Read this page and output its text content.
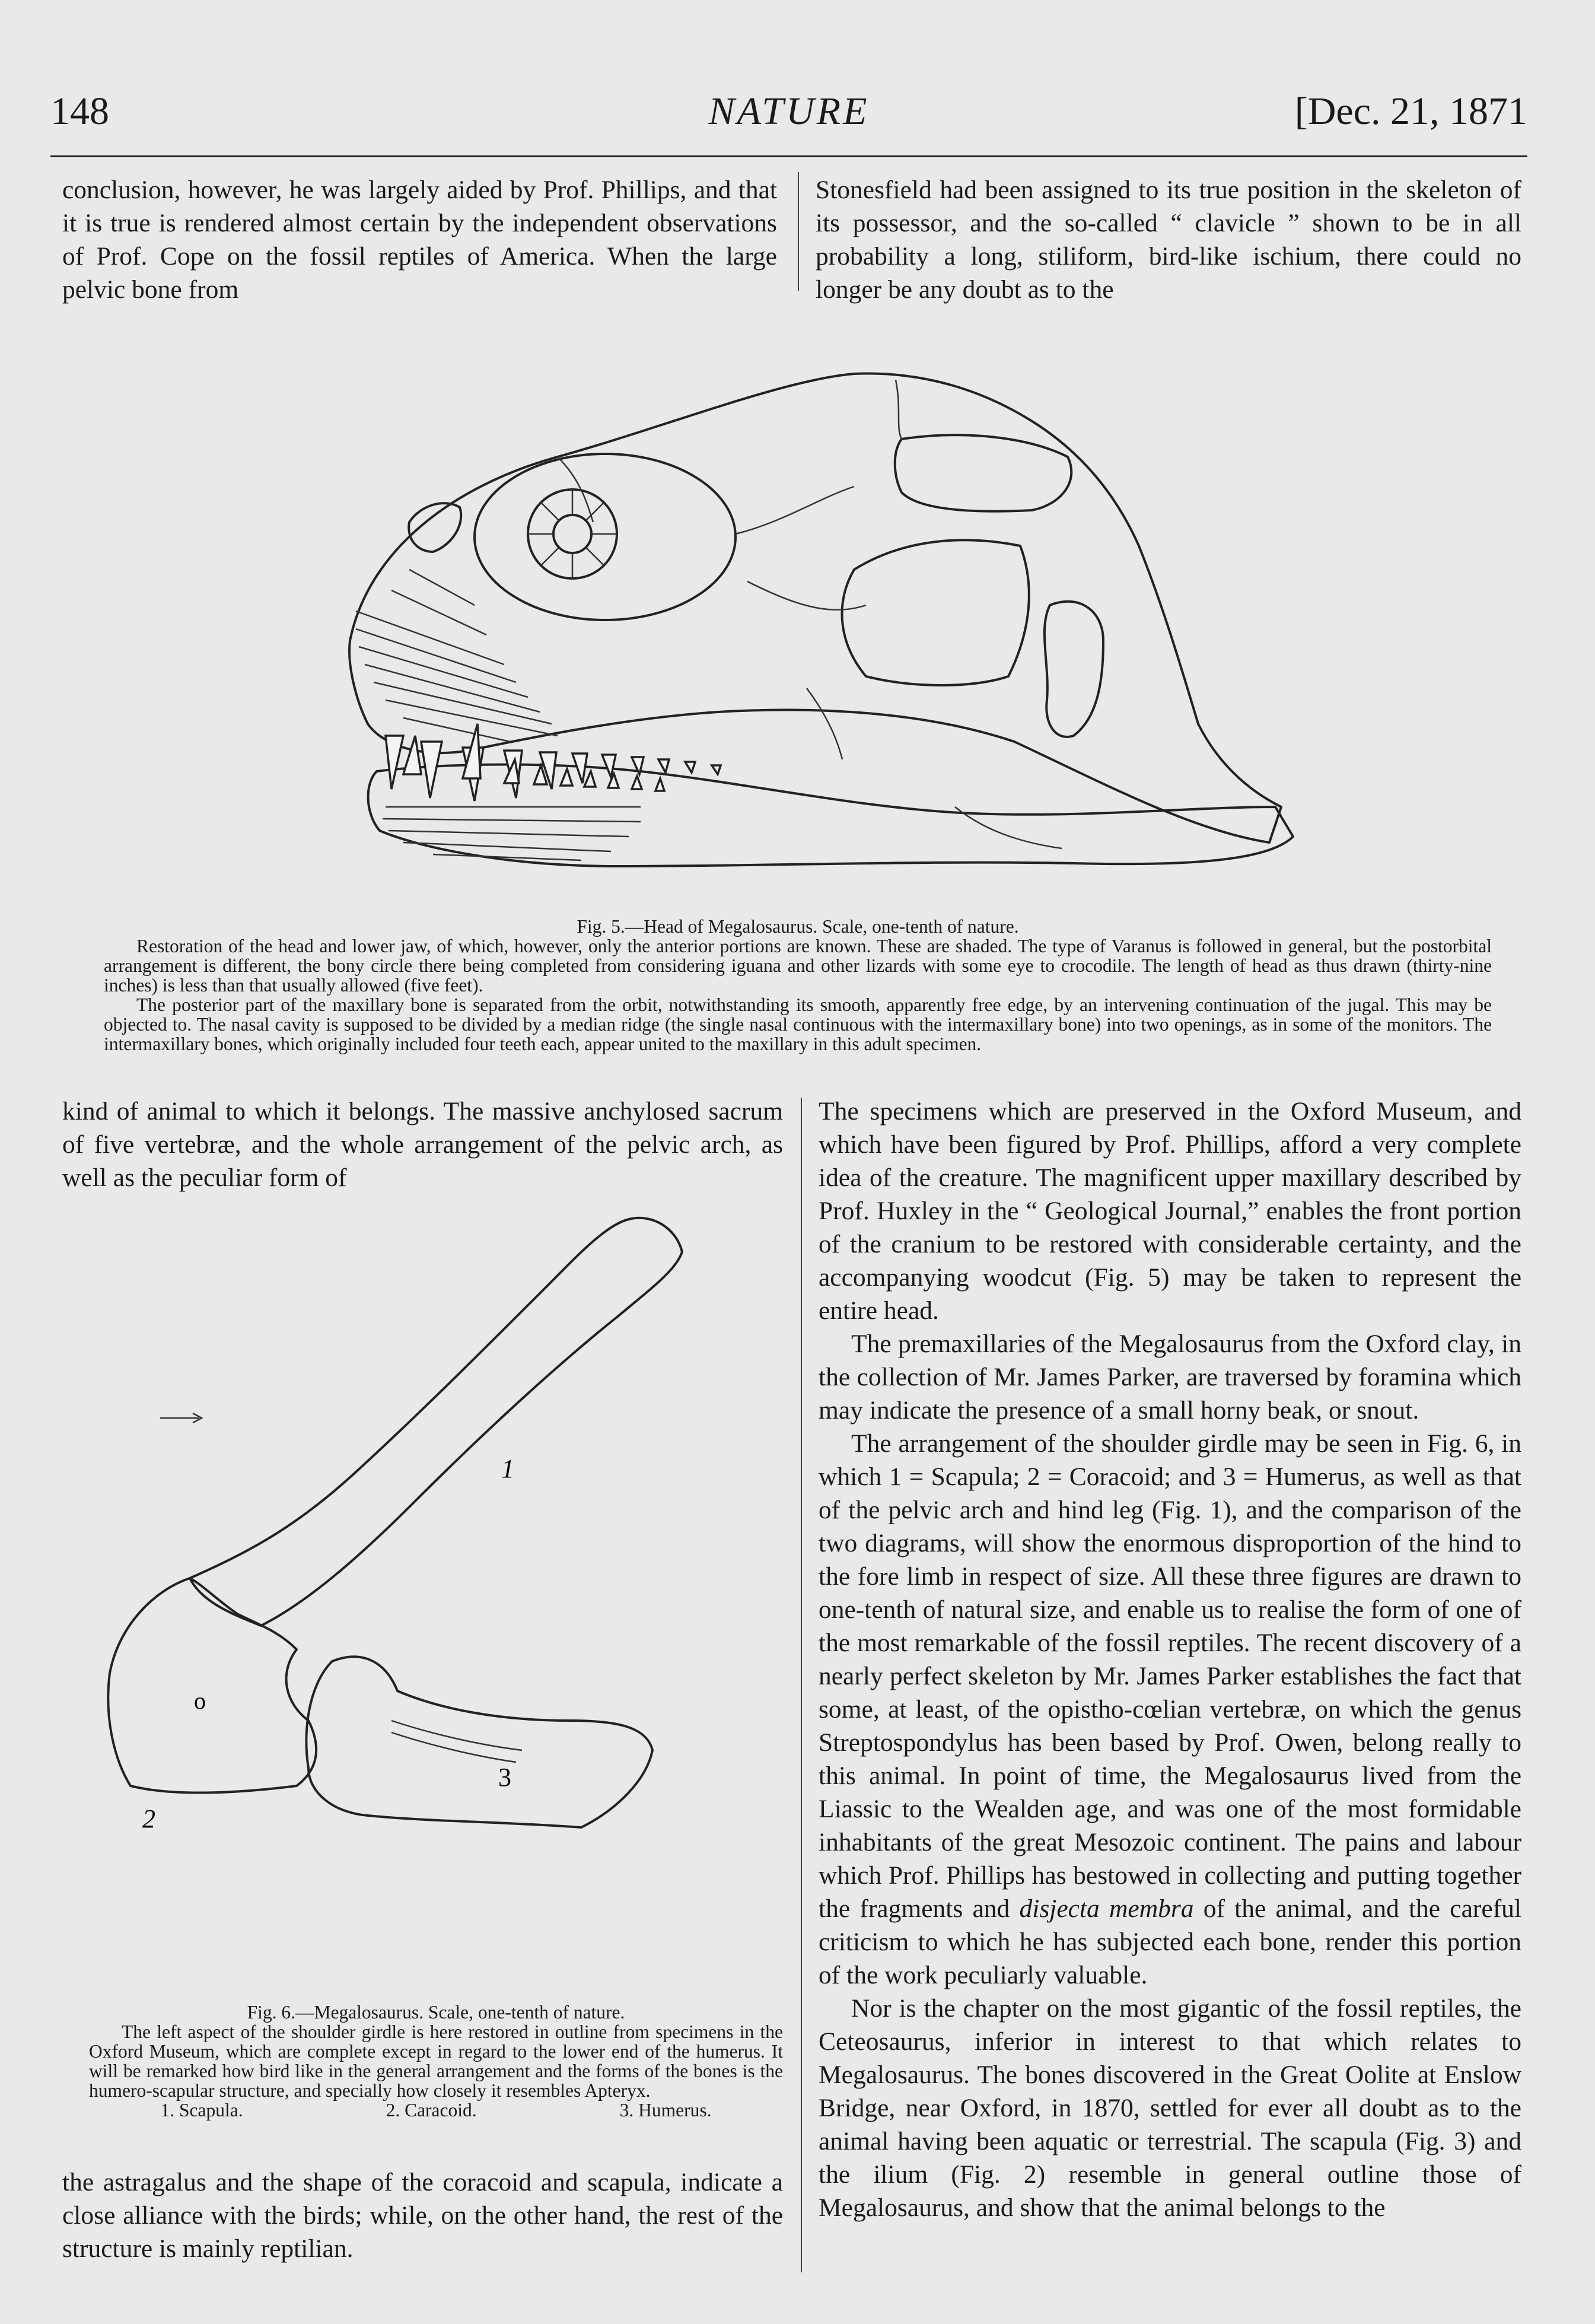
148	NATURE	[Dec. 21, 1871

conclusion, however, he was largely aided by Prof. Phillips, and that it is true is rendered almost certain by the independent observations of Prof. Cope on the fossil reptiles of America. When the large pelvic bone from

Stonesfield had been assigned to its true position in the skeleton of its possessor, and the so-called “ clavicle ” shown to be in all probability a long, stiliform, bird-like ischium, there could no longer be any doubt as to the

Fig. 5.—Head of Megalosaurus. Scale, one-tenth of nature.

Restoration of the head and lower jaw, of which, however, only the anterior portions are known. These are shaded. The type of Varanus is followed in general, but the postorbital arrangement is different, the bony circle there being completed from considering iguana and other lizards with some eye to crocodile. The length of head as thus drawn (thirty-nine inches) is less than that usually allowed (five feet).

The posterior part of the maxillary bone is separated from the orbit, notwithstanding its smooth, apparently free edge, by an intervening continuation of the jugal. This may be objected to. The nasal cavity is supposed to be divided by a median ridge (the single nasal continuous with the intermaxillary bone) into two openings, as in some of the monitors. The intermaxillary bones, which originally included four teeth each, appear united to the maxillary in this adult specimen.

kind of animal to which it belongs. The massive anchylosed sacrum of five vertebræ, and the whole arrangement of the pelvic arch, as well as the peculiar form of

1
o
3
2

Fig. 6.—Megalosaurus. Scale, one-tenth of nature.

The left aspect of the shoulder girdle is here restored in outline from specimens in the Oxford Museum, which are complete except in regard to the lower end of the humerus. It will be remarked how bird like in the general arrangement and the forms of the bones is the humero-scapular structure, and specially how closely it resembles Apteryx.

1. Scapula.	2. Caracoid.	3. Humerus.

the astragalus and the shape of the coracoid and scapula, indicate a close alliance with the birds; while, on the other hand, the rest of the structure is mainly reptilian.

The specimens which are preserved in the Oxford Museum, and which have been figured by Prof. Phillips, afford a very complete idea of the creature. The magnificent upper maxillary described by Prof. Huxley in the “ Geological Journal,” enables the front portion of the cranium to be restored with considerable certainty, and the accompanying woodcut (Fig. 5) may be taken to represent the entire head.

The premaxillaries of the Megalosaurus from the Oxford clay, in the collection of Mr. James Parker, are traversed by foramina which may indicate the presence of a small horny beak, or snout.

The arrangement of the shoulder girdle may be seen in Fig. 6, in which 1 = Scapula; 2 = Coracoid; and 3 = Humerus, as well as that of the pelvic arch and hind leg (Fig. 1), and the comparison of the two diagrams, will show the enormous disproportion of the hind to the fore limb in respect of size. All these three figures are drawn to one-tenth of natural size, and enable us to realise the form of one of the most remarkable of the fossil reptiles. The recent discovery of a nearly perfect skeleton by Mr. James Parker establishes the fact that some, at least, of the opistho-cœlian vertebræ, on which the genus Streptospondylus has been based by Prof. Owen, belong really to this animal. In point of time, the Megalosaurus lived from the Liassic to the Wealden age, and was one of the most formidable inhabitants of the great Mesozoic continent. The pains and labour which Prof. Phillips has bestowed in collecting and putting together the fragments and disjecta membra of the animal, and the careful criticism to which he has subjected each bone, render this portion of the work peculiarly valuable.

Nor is the chapter on the most gigantic of the fossil reptiles, the Ceteosaurus, inferior in interest to that which relates to Megalosaurus. The bones discovered in the Great Oolite at Enslow Bridge, near Oxford, in 1870, settled for ever all doubt as to the animal having been aquatic or terrestrial. The scapula (Fig. 3) and the ilium (Fig. 2) resemble in general outline those of Megalosaurus, and show that the animal belongs to the
